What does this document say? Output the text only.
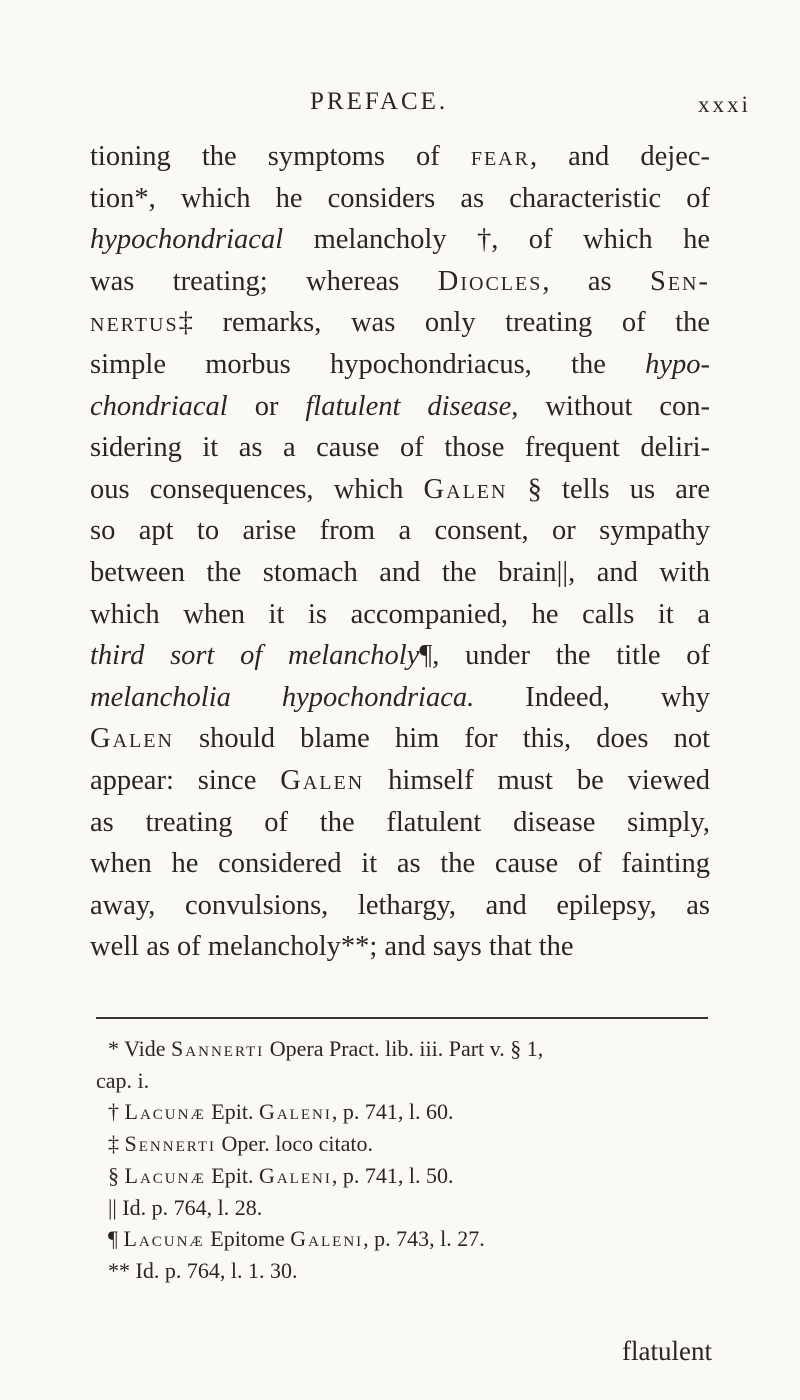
PREFACE.	xxxi
tioning the symptoms of fear, and dejec-
tion*, which he considers as characteristic of
hypochondriacal melancholy †, of which he
was treating; whereas Diocles, as Sen-
nertus‡ remarks, was only treating of the
simple morbus hypochondriacus, the hypo-
chondriacal or flatulent disease, without con-
sidering it as a cause of those frequent deliri-
ous consequences, which Galen § tells us are
so apt to arise from a consent, or sympathy
between the stomach and the brain||, and with
which when it is accompanied, he calls it a
third sort of melancholy¶, under the title of
melancholia hypochondriaca. Indeed, why
Galen should blame him for this, does not
appear: since Galen himself must be viewed
as treating of the flatulent disease simply,
when he considered it as the cause of fainting
away, convulsions, lethargy, and epilepsy, as
well as of melancholy**; and says that the
* Vide Sannerti Opera Pract. lib. iii. Part v. § 1,
cap. i.
† Lacunæ Epit. Galeni, p. 741, l. 60.
‡ Sennerti Oper. loco citato.
§ Lacunæ Epit. Galeni, p. 741, l. 50.
|| Id. p. 764, l. 28.
¶ Lacunæ Epitome Galeni, p. 743, l. 27.
** Id. p. 764, l. 1. 30.
flatulent
